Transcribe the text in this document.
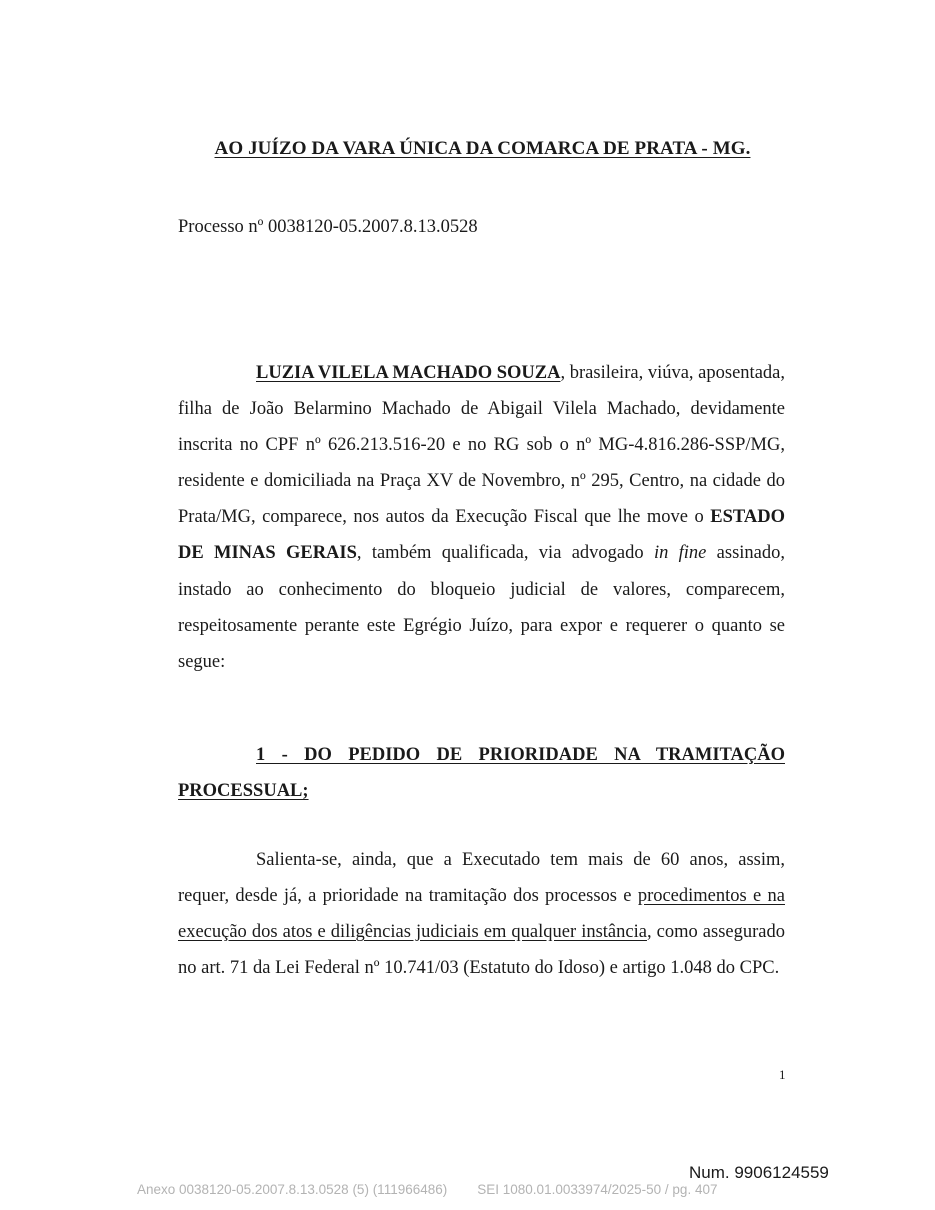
AO JUÍZO DA VARA ÚNICA DA COMARCA DE PRATA - MG.
Processo nº 0038120-05.2007.8.13.0528

LUZIA VILELA MACHADO SOUZA, brasileira, viúva, aposentada, filha de João Belarmino Machado de Abigail Vilela Machado, devidamente inscrita no CPF nº 626.213.516-20 e no RG sob o nº MG-4.816.286-SSP/MG, residente e domiciliada na Praça XV de Novembro, nº 295, Centro, na cidade do Prata/MG, comparece, nos autos da Execução Fiscal que lhe move o ESTADO DE MINAS GERAIS, também qualificada, via advogado in fine assinado, instado ao conhecimento do bloqueio judicial de valores, comparecem, respeitosamente perante este Egrégio Juízo, para expor e requerer o quanto se segue:

1 - DO PEDIDO DE PRIORIDADE NA TRAMITAÇÃO PROCESSUAL;

Salienta-se, ainda, que a Executado tem mais de 60 anos, assim, requer, desde já, a prioridade na tramitação dos processos e procedimentos e na execução dos atos e diligências judiciais em qualquer instância, como assegurado no art. 71 da Lei Federal nº 10.741/03 (Estatuto do Idoso) e artigo 1.048 do CPC.

1
Num. 9906124559
Anexo 0038120-05.2007.8.13.0528 (5) (111966486) SEI 1080.01.0033974/2025-50 / pg. 407
